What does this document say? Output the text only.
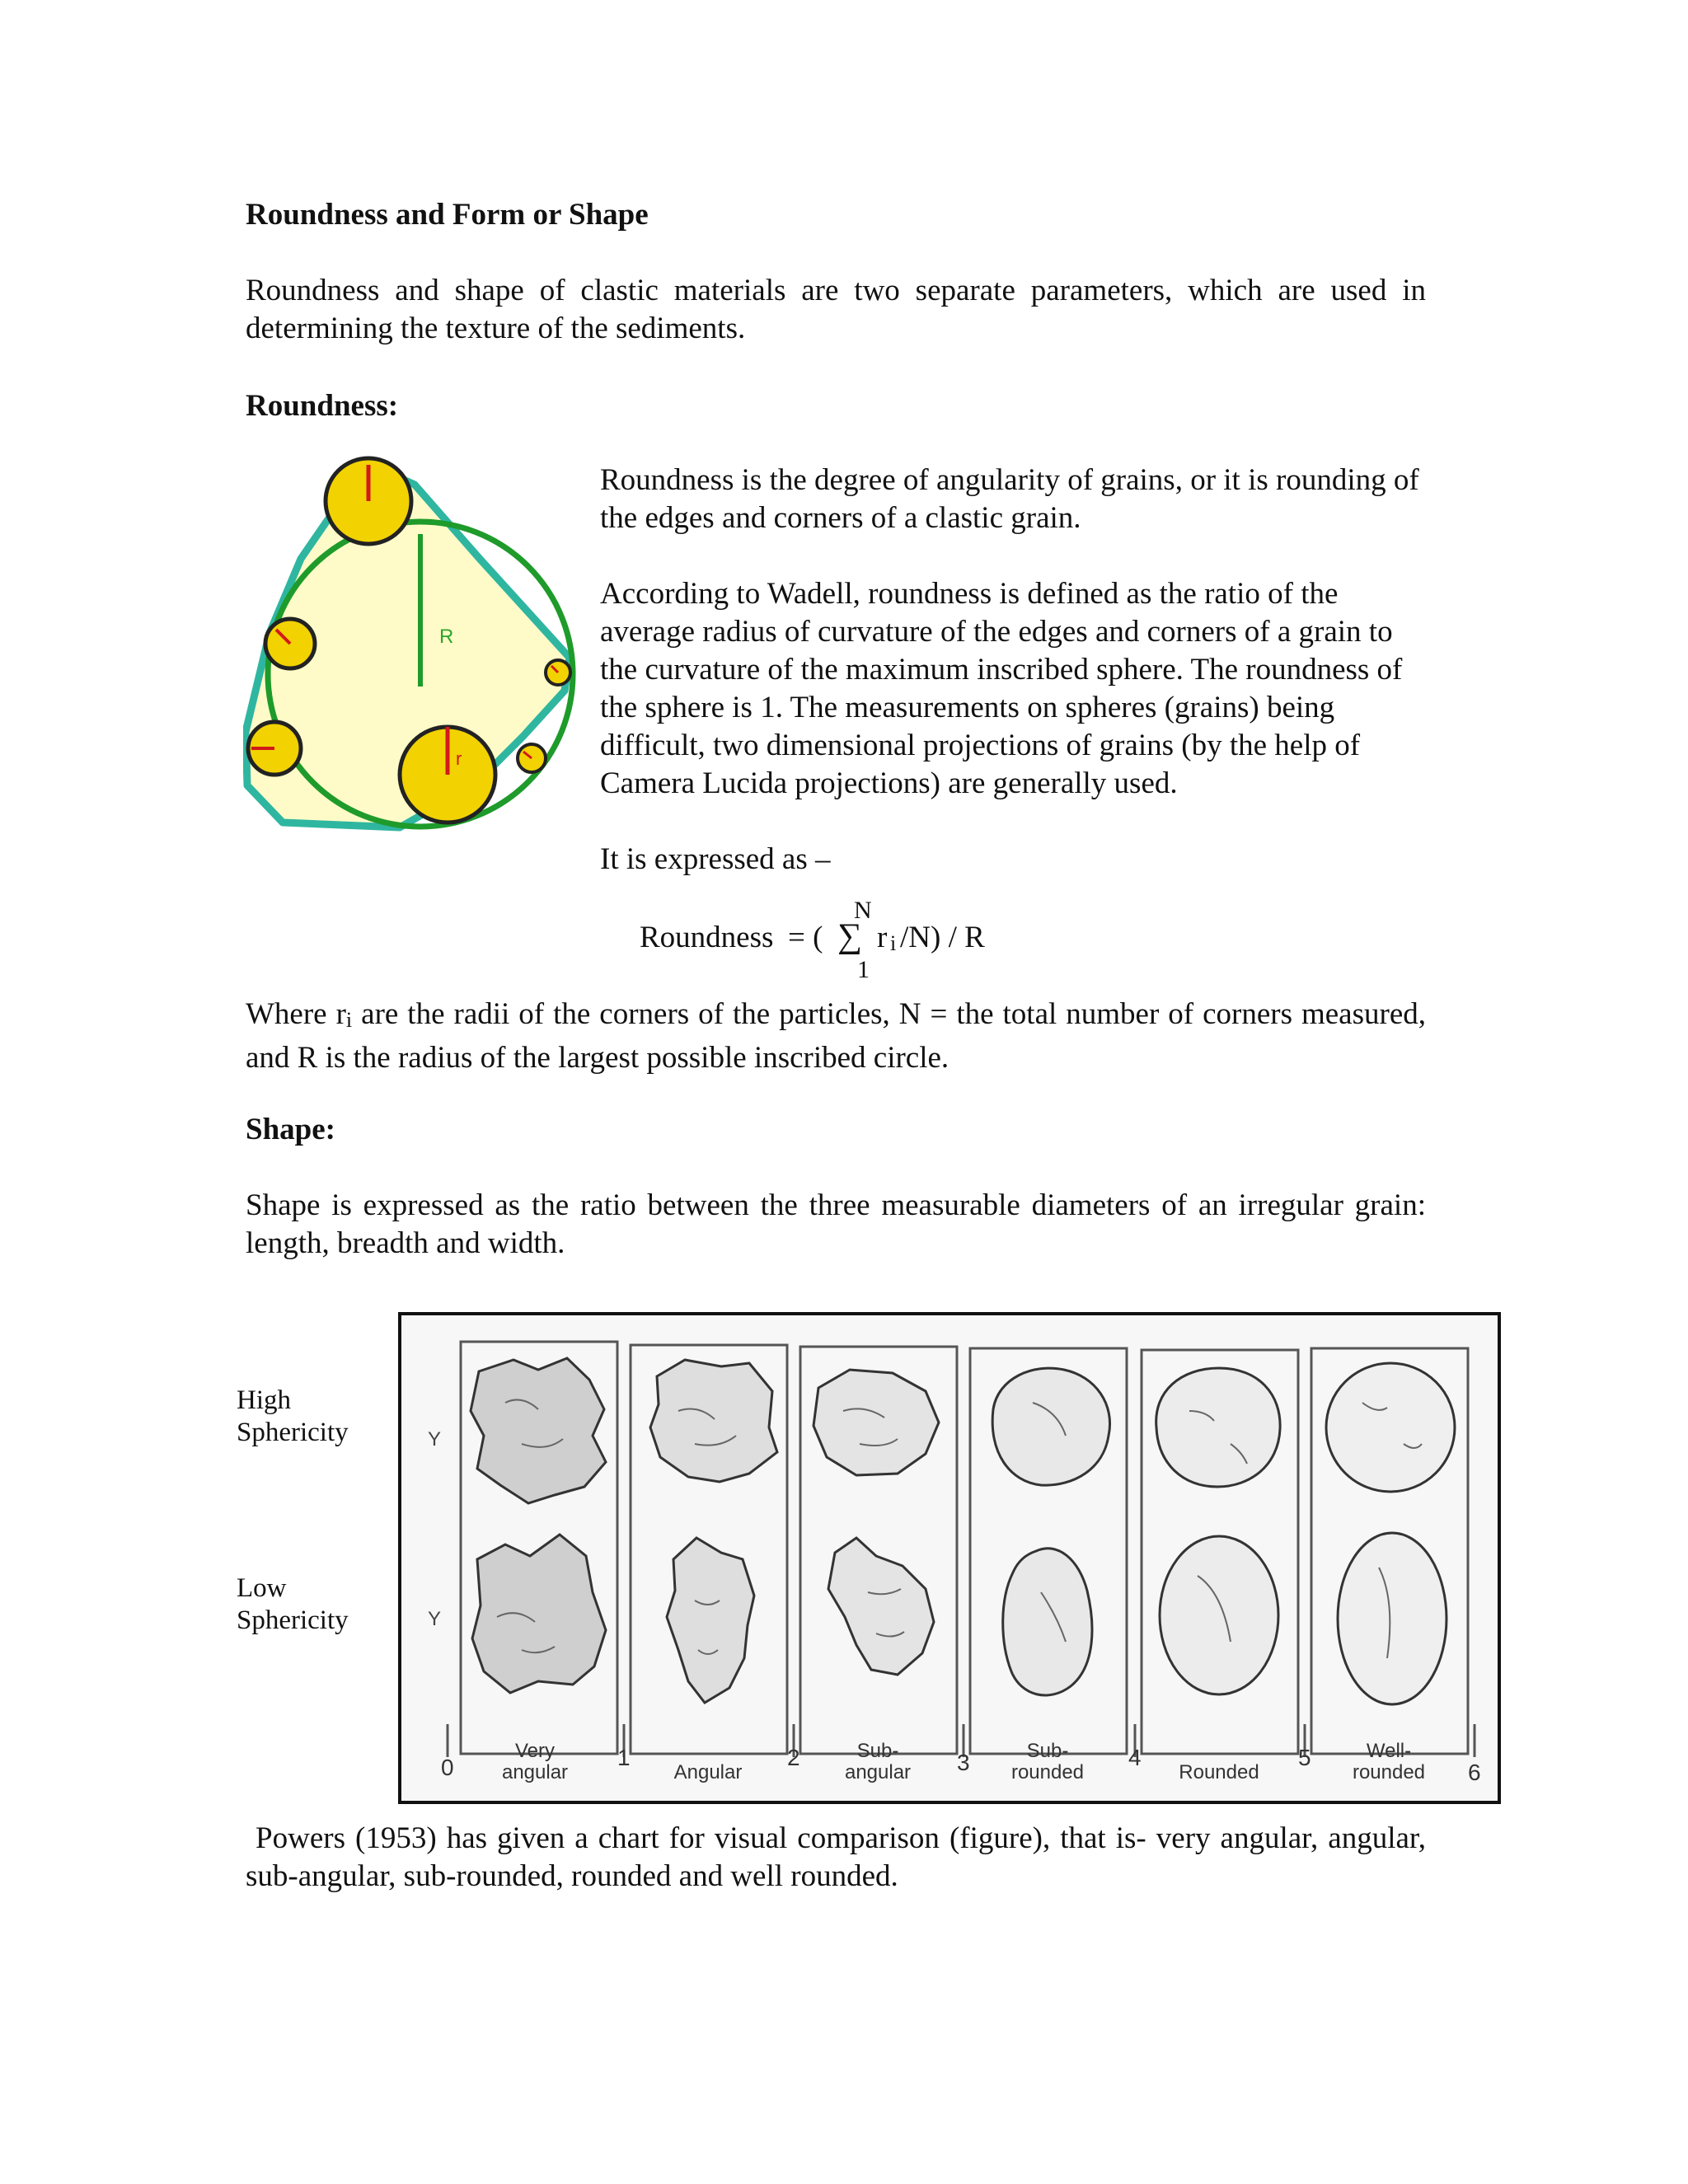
Roundness and Form or Shape

Roundness and shape of clastic materials are two separate parameters, which are used in determining the texture of the sediments.

Roundness:

R
r

Roundness is the degree of angularity of grains, or it is rounding of the edges and corners of a clastic grain.

According to Wadell, roundness is defined as the ratio of the average radius of curvature of the edges and corners of a grain to the curvature of the maximum inscribed sphere. The roundness of the sphere is 1. The measurements on spheres (grains) being difficult, two dimensional projections of grains (by the help of Camera Lucida projections) are generally used.

It is expressed as –

N
Roundness = ( ∑ r i /N) / R
1

Where ri are the radii of the corners of the particles, N = the total number of corners measured, and R is the radius of the largest possible inscribed circle.

Shape:

Shape is expressed as the ratio between the three measurable diameters of an irregular grain: length, breadth and width.

High
Sphericity
Low
Sphericity
Y
Y
0	1	2	3	4	5
6
Very
angular	Angular
Sub-
angular
Sub-
rounded	Rounded
Well-
rounded

Powers (1953) has given a chart for visual comparison (figure), that is- very angular, angular, sub-angular, sub-rounded, rounded and well rounded.
